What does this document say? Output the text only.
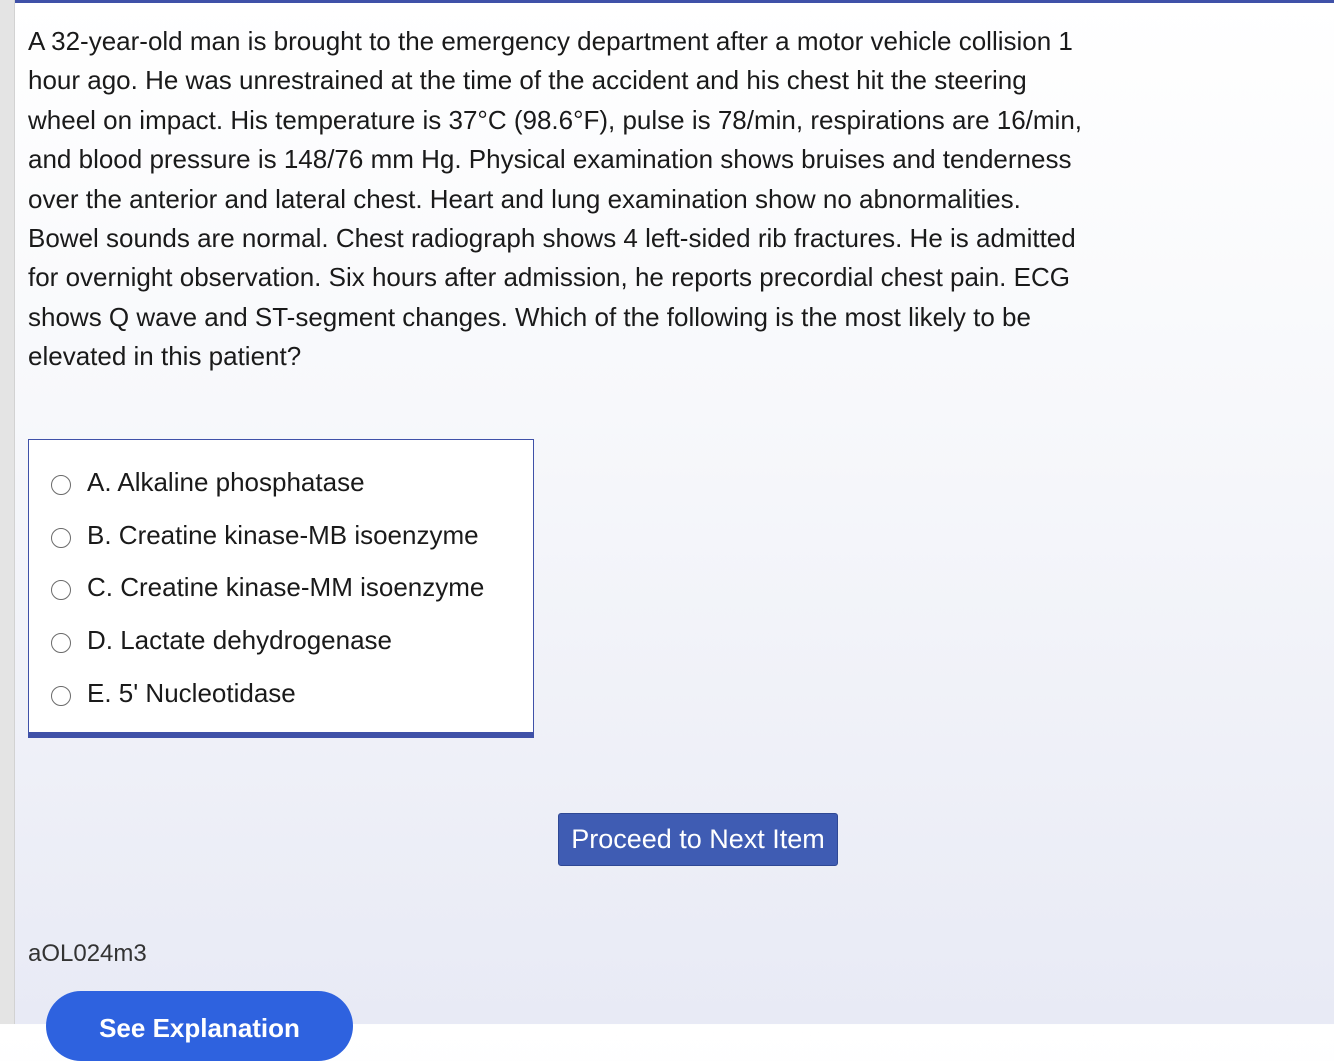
A 32-year-old man is brought to the emergency department after a motor vehicle collision 1
hour ago. He was unrestrained at the time of the accident and his chest hit the steering
wheel on impact. His temperature is 37°C (98.6°F), pulse is 78/min, respirations are 16/min,
and blood pressure is 148/76 mm Hg. Physical examination shows bruises and tenderness
over the anterior and lateral chest. Heart and lung examination show no abnormalities.
Bowel sounds are normal. Chest radiograph shows 4 left-sided rib fractures. He is admitted
for overnight observation. Six hours after admission, he reports precordial chest pain. ECG
shows Q wave and ST-segment changes. Which of the following is the most likely to be
elevated in this patient?
A. Alkaline phosphatase
B. Creatine kinase-MB isoenzyme
C. Creatine kinase-MM isoenzyme
D. Lactate dehydrogenase
E. 5' Nucleotidase
Proceed to Next Item
aOL024m3
See Explanation
